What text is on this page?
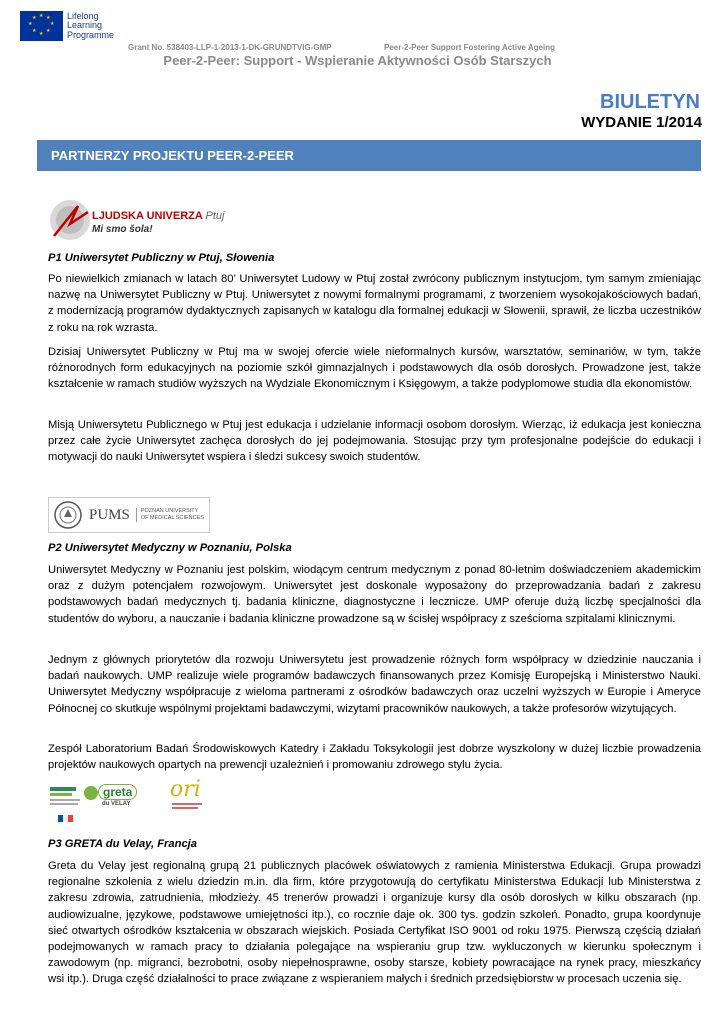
★ ★
★
★
★
★
★
★	Lifelong
Learning
Programme
Grant No. 538403-LLP-1-2013-1-DK-GRUNDTVIG-GMP	Peer-2-Peer Support Fostering Active Ageing
Peer-2-Peer: Support - Wspieranie Aktywności Osób Starszych
BIULETYN
WYDANIE 1/2014
PARTNERZY PROJEKTU PEER-2-PEER
LJUDSKA UNIVERZA Ptuj
Mi smo šola!
P1 Uniwersytet Publiczny w Ptuj, Słowenia

Po niewielkich zmianach w latach 80’ Uniwersytet Ludowy w Ptuj został zwrócony publicznym instytucjom, tym samym zmieniając nazwę na Uniwersytet Publiczny w Ptuj. Uniwersytet z nowymi formalnymi programami, z tworzeniem wysokojakościowych badań, z modernizacją programów dydaktycznych zapisanych w katalogu dla formalnej edukacji w Słowenii, sprawił, że liczba uczestników z roku na rok wzrasta.

Dzisiaj Uniwersytet Publiczny w Ptuj ma w swojej ofercie wiele nieformalnych kursów, warsztatów, seminariów, w tym, także różnorodnych form edukacyjnych na poziomie szkół gimnazjalnych i podstawowych dla osób dorosłych. Prowadzone jest, także kształcenie w ramach studiów wyższych na Wydziale Ekonomicznym i Księgowym, a także podyplomowe studia dla ekonomistów.

Misją Uniwersytetu Publicznego w Ptuj jest edukacja i udzielanie informacji osobom dorosłym. Wierząc, iż edukacja jest konieczna przez całe życie Uniwersytet zachęca dorosłych do jej podejmowania. Stosując przy tym profesjonalne podejście do edukacji i motywacji do nauki Uniwersytet wspiera i śledzi sukcesy swoich studentów.

PUMS POZNAN UNIVERSITY
OF MEDICAL SCIENCES
P2 Uniwersytet Medyczny w Poznaniu, Polska

Uniwersytet Medyczny w Poznaniu jest polskim, wiodącym centrum medycznym z ponad 80-letnim doświadczeniem akademickim oraz z dużym potencjałem rozwojowym. Uniwersytet jest doskonale wyposażony do przeprowadzania badań z zakresu podstawowych badań medycznych tj. badania kliniczne, diagnostyczne i lecznicze. UMP oferuje dużą liczbę specjalności dla studentów do wyboru, a nauczanie i badania kliniczne prowadzone są w ścisłej współpracy z sześcioma szpitalami klinicznymi.

Jednym z głównych priorytetów dla rozwoju Uniwersytetu jest prowadzenie różnych form współpracy w dziedzinie nauczania i badań naukowych. UMP realizuje wiele programów badawczych finansowanych przez Komisję Europejską i Ministerstwo Nauki. Uniwersytet Medyczny współpracuje z wieloma partnerami z ośrodków badawczych oraz uczelni wyższych w Europie i Ameryce Północnej co skutkuje wspólnymi projektami badawczymi, wizytami pracowników naukowych, a także profesorów wizytujących.

Zespół Laboratorium Badań Środowiskowych Katedry i Zakładu Toksykologii jest dobrze wyszkolony w dużej liczbie prowadzenia projektów naukowych opartych na prewencji uzależnień i promowaniu zdrowego stylu życia.

greta
du VELAY
ori
P3 GRETA du Velay, Francja

Greta du Velay jest regionalną grupą 21 publicznych placówek oświatowych z ramienia Ministerstwa Edukacji. Grupa prowadzi regionalne szkolenia z wielu dziedzin m.in. dla firm, które przygotowują do certyfikatu Ministerstwa Edukacji lub Ministerstwa z zakresu zdrowia, zatrudnienia, młodzieży. 45 trenerów prowadzi i organizuje kursy dla osób dorosłych w kilku obszarach (np. audiowizualne, językowe, podstawowe umiejętności itp.), co rocznie daje ok. 300 tys. godzin szkoleń. Ponadto, grupa koordynuje sieć otwartych ośrodków kształcenia w obszarach wiejskich. Posiada Certyfikat ISO 9001 od roku 1975. Pierwszą częścią działań podejmowanych w ramach pracy to działania polegające na wspieraniu grup tzw. wykluczonych w kierunku społecznym i zawodowym (np. migranci, bezrobotni, osoby niepełnosprawne, osoby starsze, kobiety powracające na rynek pracy, mieszkańcy wsi itp.). Druga część działalności to prace związane z wspieraniem małych i średnich przedsiębiorstw w procesach uczenia się.
